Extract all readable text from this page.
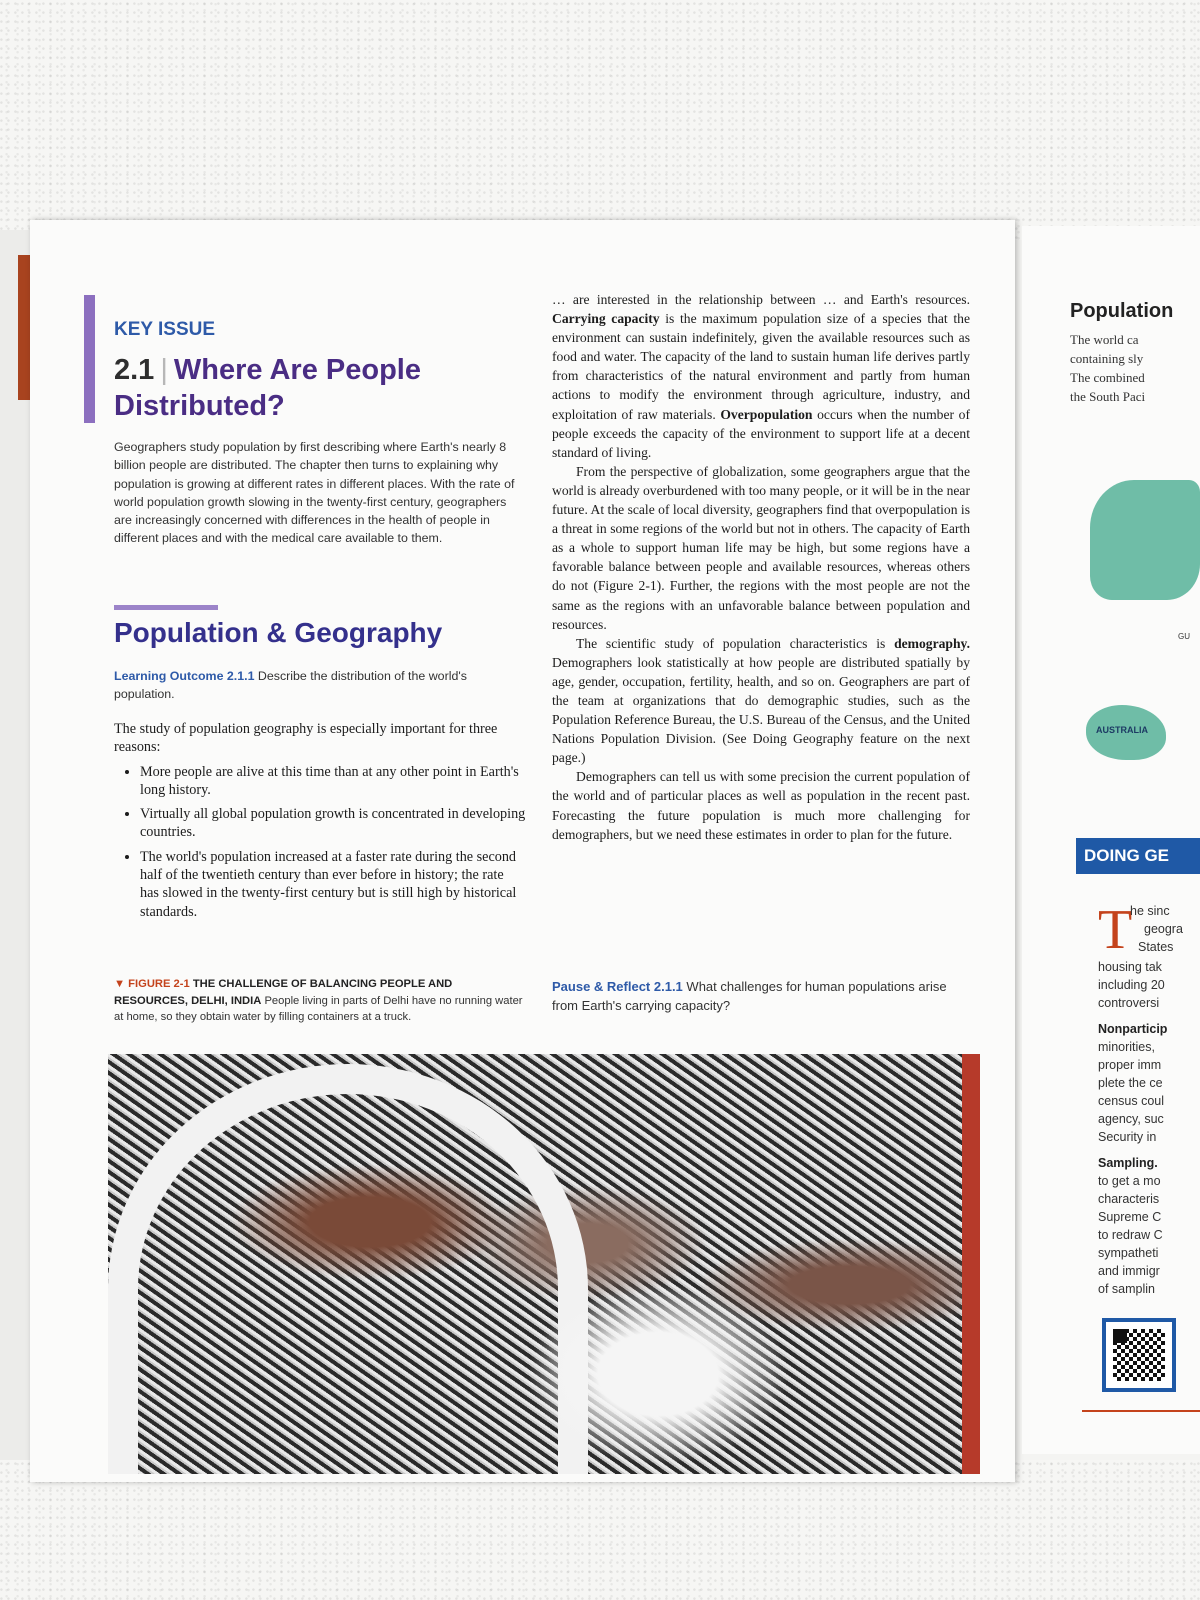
KEY ISSUE
2.1 | Where Are People Distributed?
Geographers study population by first describing where Earth's nearly 8 billion people are distributed. The chapter then turns to explaining why population is growing at different rates in different places. With the rate of world population growth slowing in the twenty-first century, geographers are increasingly concerned with differences in the health of people in different places and with the medical care available to them.
Population & Geography
Learning Outcome 2.1.1 Describe the distribution of the world's population.
The study of population geography is especially important for three reasons:
• More people are alive at this time than at any other point in Earth's long history.
• Virtually all global population growth is concentrated in developing countries.
• The world's population increased at a faster rate during the second half of the twentieth century than ever before in history; the rate has slowed in the twenty-first century but is still high by historical standards.
▼ FIGURE 2-1 THE CHALLENGE OF BALANCING PEOPLE AND RESOURCES, DELHI, INDIA People living in parts of Delhi have no running water at home, so they obtain water by filling containers at a truck.

… are interested in the relationship between … and Earth's resources. Carrying capacity is the maximum population size of a species that the environment can sustain indefinitely, given the available resources such as food and water. The capacity of the land to sustain human life derives partly from characteristics of the natural environment and partly from human actions to modify the environment through agriculture, industry, and exploitation of raw materials. Overpopulation occurs when the number of people exceeds the capacity of the environment to support life at a decent standard of living.

From the perspective of globalization, some geographers argue that the world is already overburdened with too many people, or it will be in the near future. At the scale of local diversity, geographers find that overpopulation is a threat in some regions of the world but not in others. The capacity of Earth as a whole to support human life may be high, but some regions have a favorable balance between people and available resources, whereas others do not (Figure 2-1). Further, the regions with the most people are not the same as the regions with an unfavorable balance between population and resources.

The scientific study of population characteristics is demography. Demographers look statistically at how people are distributed spatially by age, gender, occupation, fertility, health, and so on. Geographers are part of the team at organizations that do demographic studies, such as the Population Reference Bureau, the U.S. Bureau of the Census, and the United Nations Population Division. (See Doing Geography feature on the next page.)

Demographers can tell us with some precision the current population of the world and of particular places as well as population in the recent past. Forecasting the future population is much more challenging for demographers, but we need these estimates in order to plan for the future.

Pause & Reflect 2.1.1 What challenges for human populations arise from Earth's carrying capacity?
Population
The world ca
containing sly
The combined
the South Paci
GU
AUSTRALIA
DOING GE
T
he sinc
geogra
States
housing tak
including 20
controversi
Nonparticip
minorities,
proper imm
plete the ce
census coul
agency, suc
Security in
Sampling.
to get a mo
characteris
Supreme C
to redraw C
sympatheti
and immigr
of samplin
